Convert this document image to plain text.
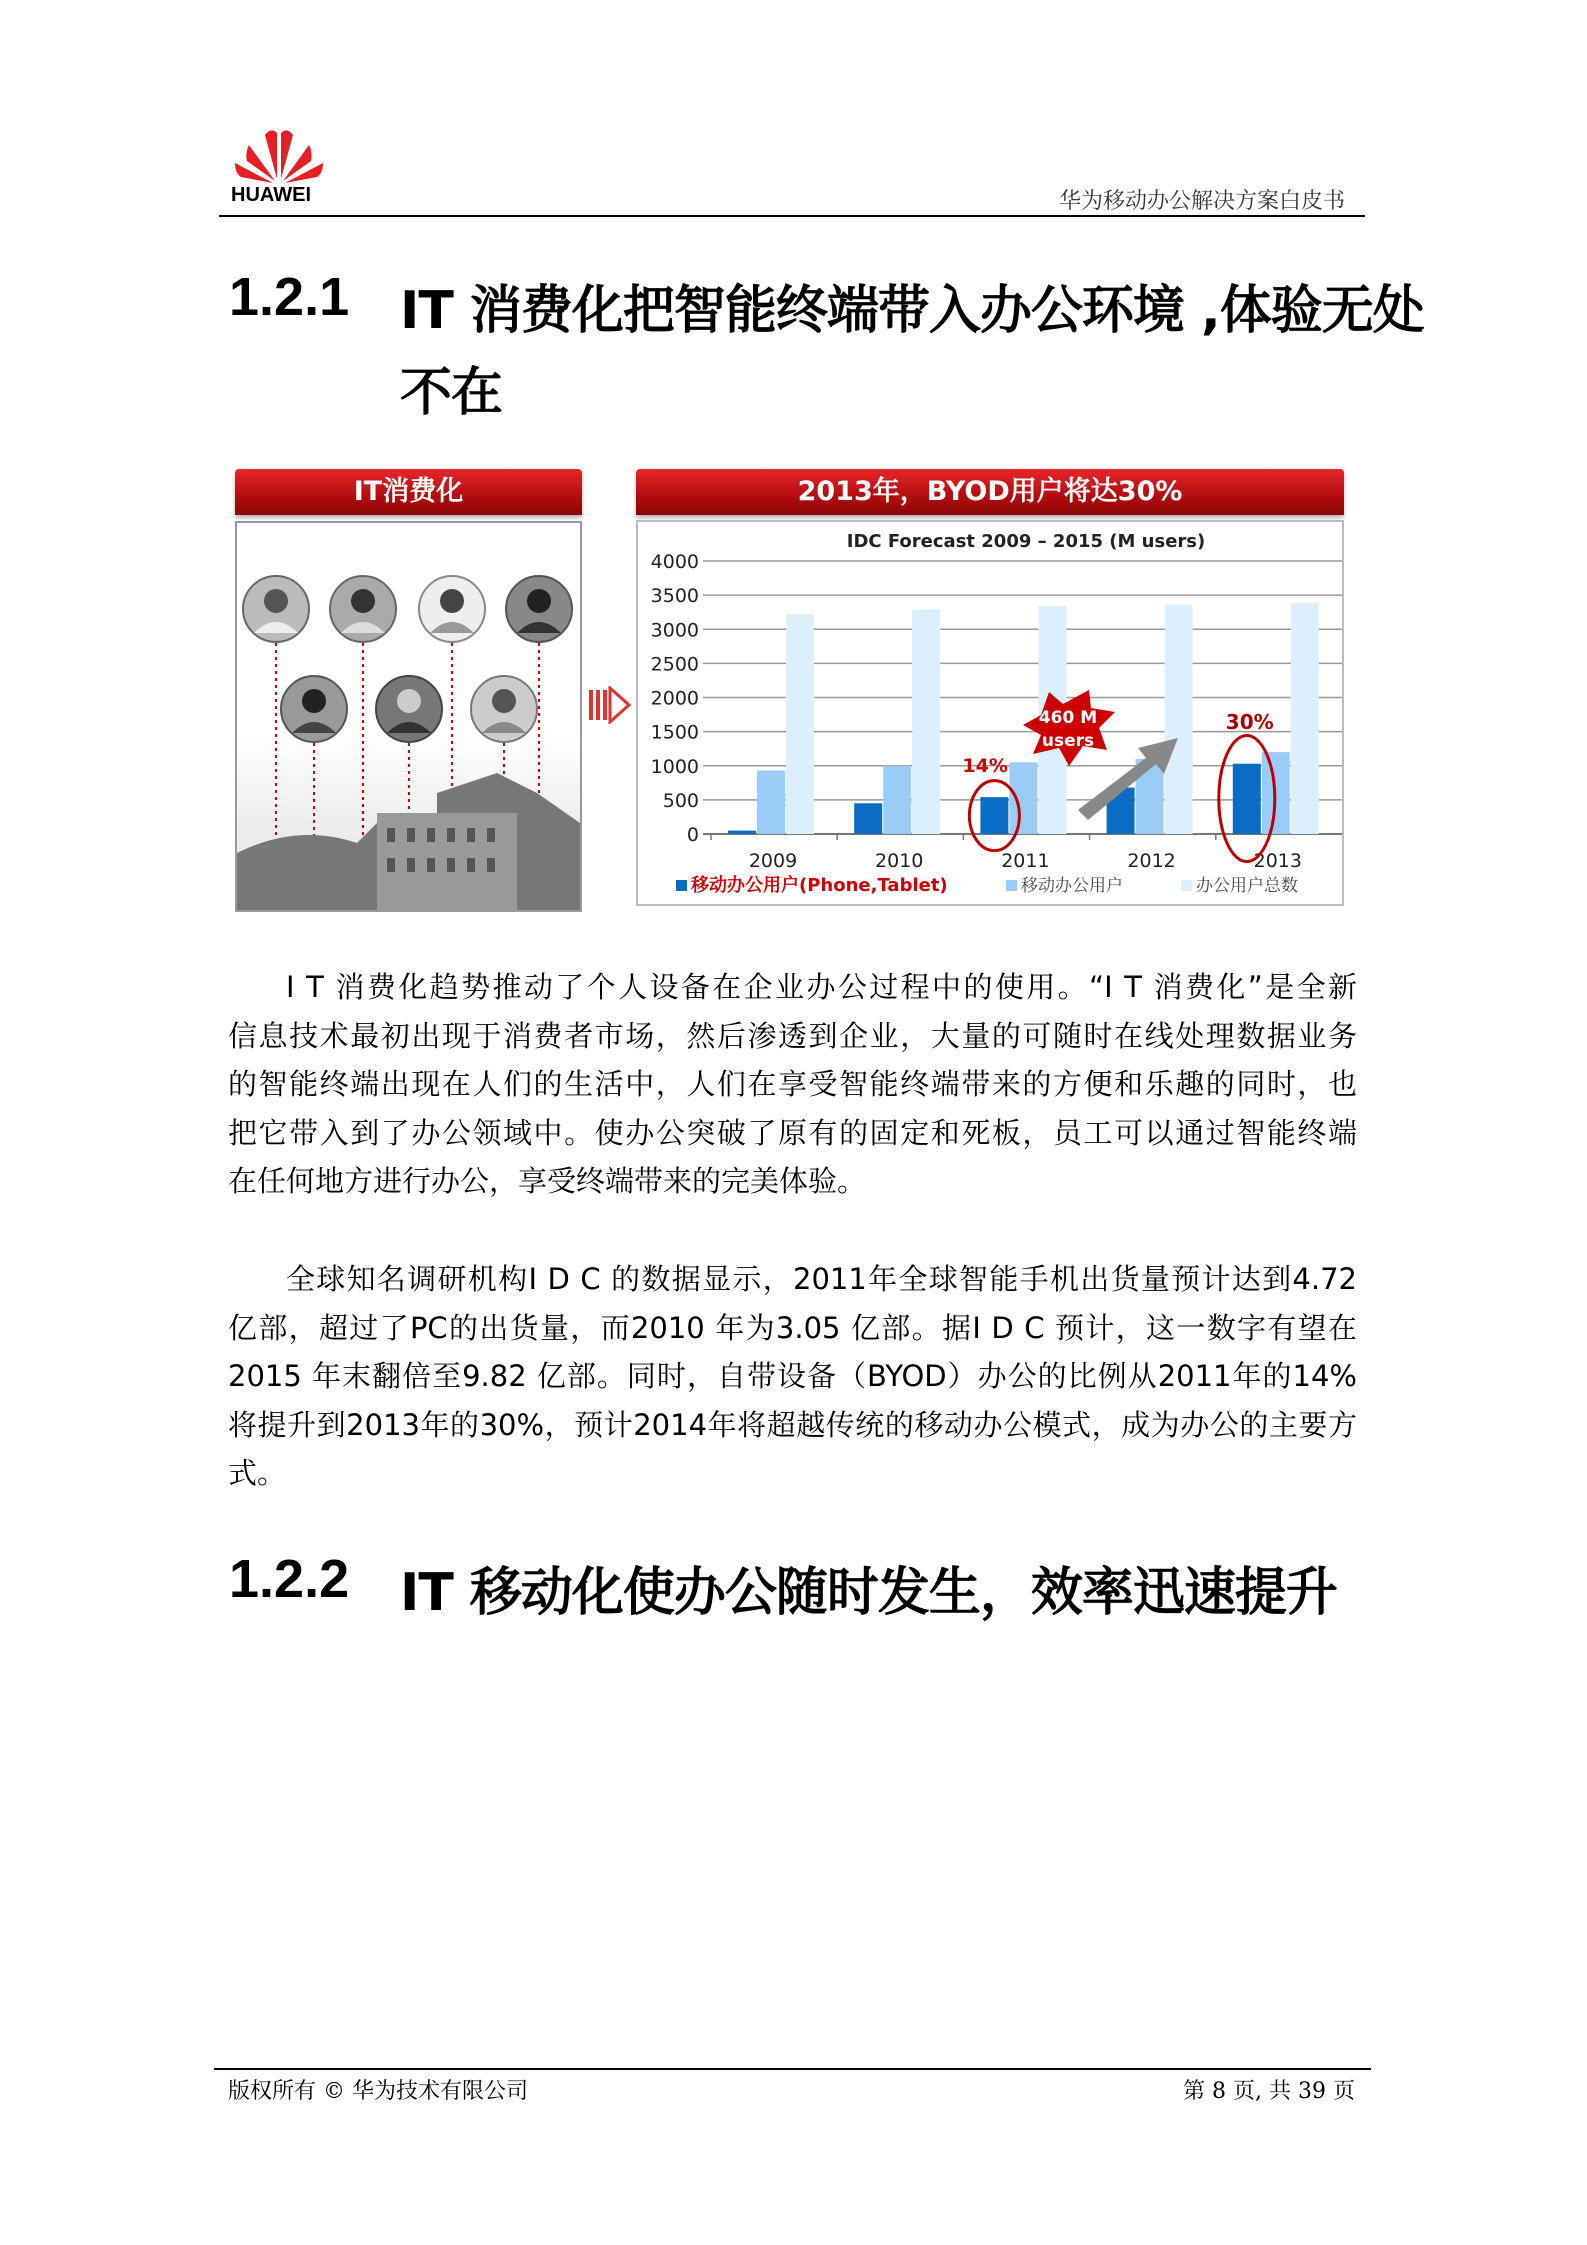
HUAWEI	华为移动办公解决方案白皮书
1.2.1 IT 消费化把智能终端带入办公环境 ,体验无处
不在
IT消费化	2013年，BYOD用户将达30%
IDC Forecast 2009 – 2015 (M users)
0
500
1000
1500
2000
2500
3000
3500
4000
2009	2010	2011	2012	2013
移动办公用户(Phone,Tablet)	移动办公用户	办公用户总数
460 M
users
14%
30%
I T 消费化趋势推动了个人设备在企业办公过程中的使用。“I T 消费化”是全新
信息技术最初出现于消费者市场，然后渗透到企业，大量的可随时在线处理数据业务
的智能终端出现在人们的生活中，人们在享受智能终端带来的方便和乐趣的同时，也
把它带入到了办公领域中。使办公突破了原有的固定和死板，员工可以通过智能终端
在任何地方进行办公，享受终端带来的完美体验。
全球知名调研机构I D C 的数据显示，2011年全球智能手机出货量预计达到4.72
亿部，超过了PC的出货量，而2010 年为3.05 亿部。据I D C 预计，这一数字有望在
2015 年末翻倍至9.82 亿部。同时，自带设备（BYOD）办公的比例从2011年的14%
将提升到2013年的30%，预计2014年将超越传统的移动办公模式，成为办公的主要方
式。
1.2.2 IT 移动化使办公随时发生，效率迅速提升
版权所有 © 华为技术有限公司	第 8 页, 共 39 页
